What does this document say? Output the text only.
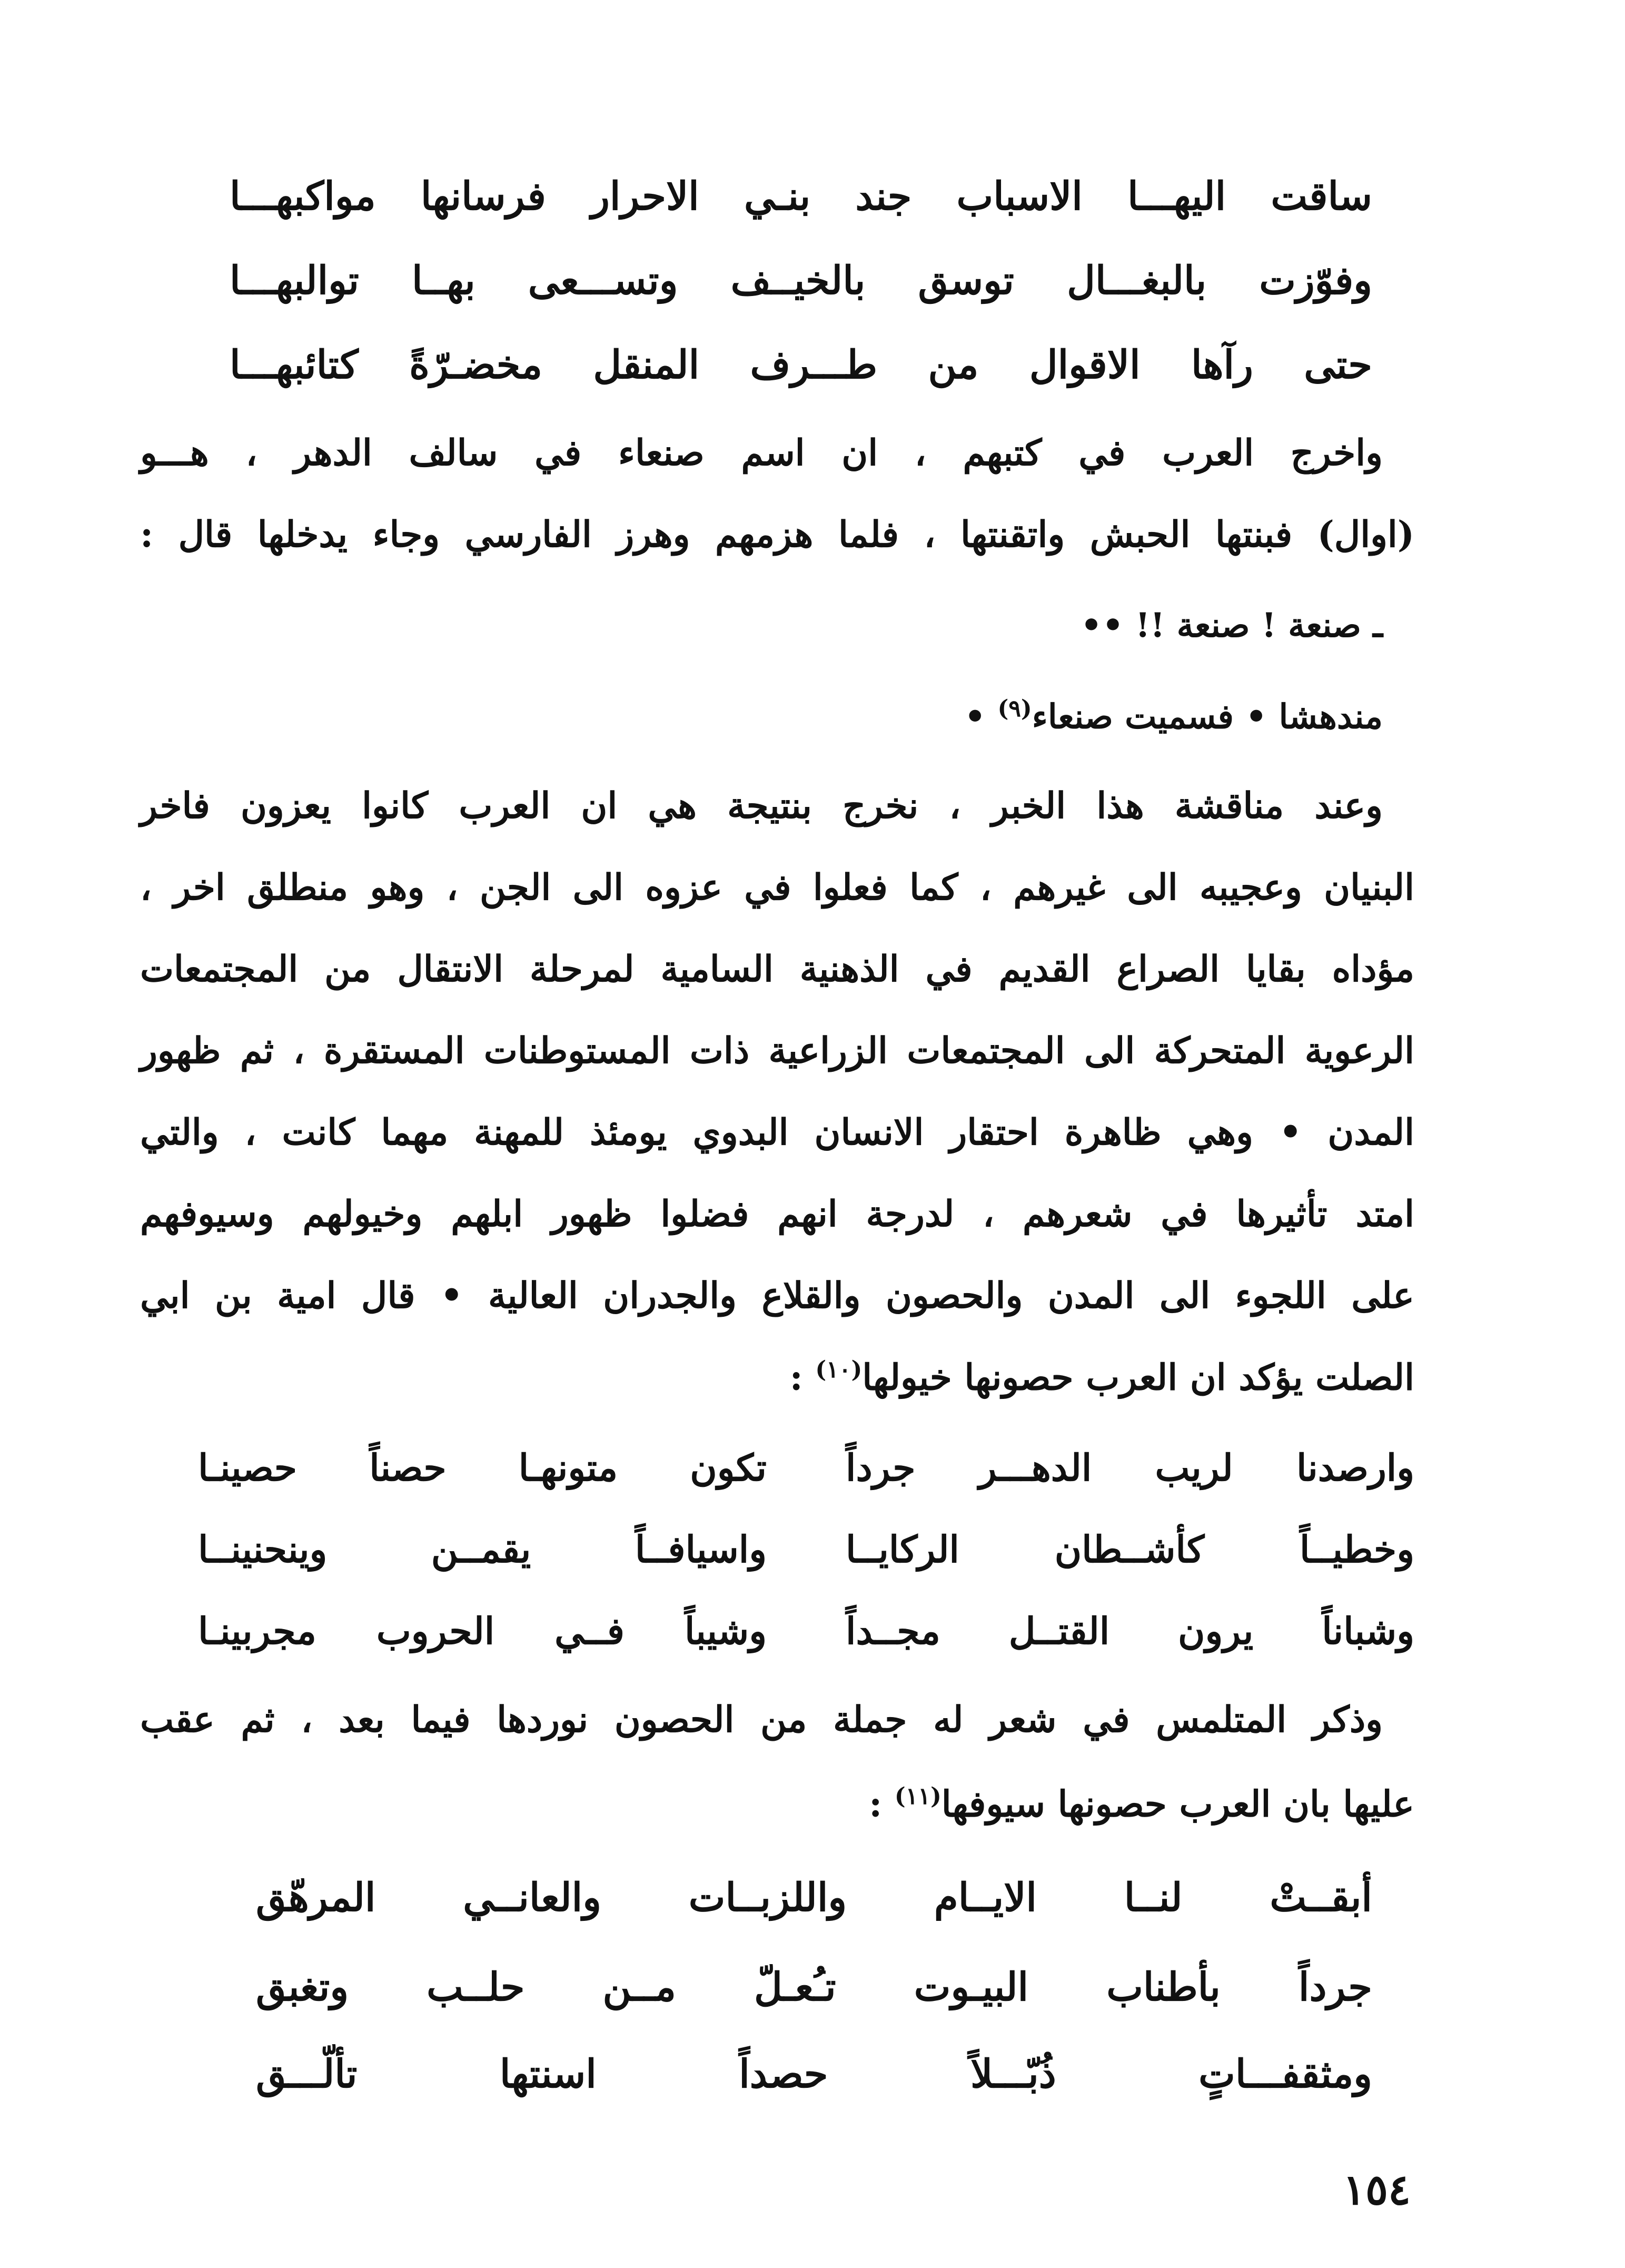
ساقت اليهـــا الاسباب جند بنـي الاحرار فرسانها مواكبهـــا
وفوّزت بالبغـــال توسق بالخيــف وتســـعى بهــا توالبهـــا
حتى رآها الاقوال من طـــرف المنقل مخضـرّةً كتائبهـــا
واخرج العرب في كتبهم ، ان اسم صنعاء في سالف الدهر ، هـــو
(اوال) فبنتها الحبش واتقنتها ، فلما هزمهم وهرز الفارسي وجاء يدخلها قال :
ـ صنعة ! صنعة !! ••
مندهشا • فسميت صنعاء$^{(٩)}$ •
وعند مناقشة هذا الخبر ، نخرج بنتيجة هي ان العرب كانوا يعزون فاخر
البنيان وعجيبه الى غيرهم ، كما فعلوا في عزوه الى الجن ، وهو منطلق اخر ،
مؤداه بقايا الصراع القديم في الذهنية السامية لمرحلة الانتقال من المجتمعات
الرعوية المتحركة الى المجتمعات الزراعية ذات المستوطنات المستقرة ، ثم ظهور
المدن • وهي ظاهرة احتقار الانسان البدوي يومئذ للمهنة مهما كانت ، والتي
امتد تأثيرها في شعرهم ، لدرجة انهم فضلوا ظهور ابلهم وخيولهم وسيوفهم
على اللجوء الى المدن والحصون والقلاع والجدران العالية • قال امية بن ابي
الصلت يؤكد ان العرب حصونها خيولها$^{(١٠)}$ :
وارصدنا لريب الدهـــر جرداً
تكون متونهـا حصناً حصينـا
وخطيــاً كأشــطان الركايــا
واسيافــاً يقمــن وينحنينــا
وشباناً يرون القتــل مجــداً
وشيباً فــي الحروب مجربينـا
وذكر المتلمس في شعر له جملة من الحصون نوردها فيما بعد ، ثم عقب
عليها بان العرب حصونها سيوفها$^{(١١)}$ :
أبقــتْ لنــا الايــام واللزبــات والعانــي المرهّق
جرداً بأطناب البيـوت تـُعـلّ مــن حلــب وتغبق
ومثقفـــاتٍ ذُبّـــلاً حصداً اسنتها تألّـــق
١٥٤
